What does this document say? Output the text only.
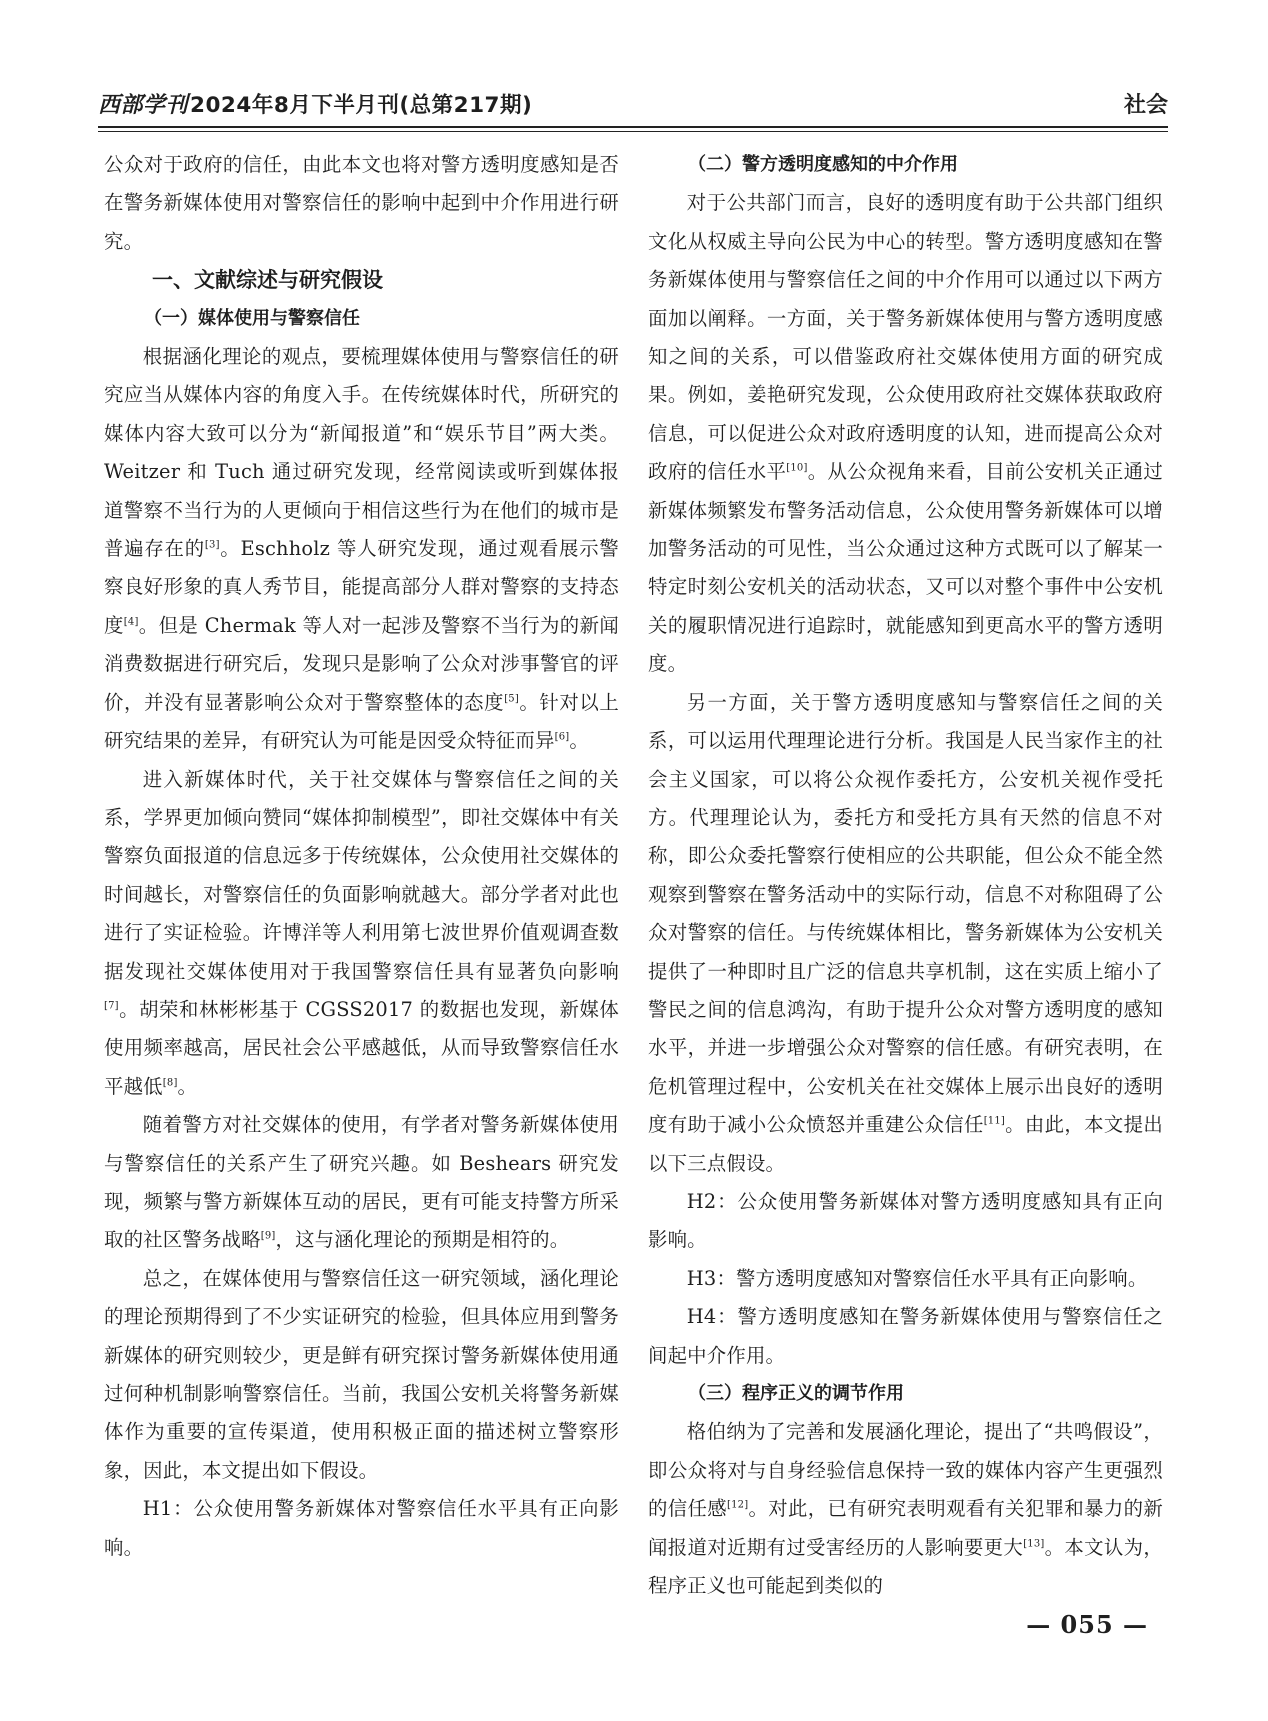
西部学刊2024年8月下半月刊(总第217期)	社会

公众对于政府的信任，由此本文也将对警方透明度感知是否在警务新媒体使用对警察信任的影响中起到中介作用进行研究。

一、文献综述与研究假设
（一）媒体使用与警察信任

根据涵化理论的观点，要梳理媒体使用与警察信任的研究应当从媒体内容的角度入手。在传统媒体时代，所研究的媒体内容大致可以分为“新闻报道”和“娱乐节目”两大类。Weitzer 和 Tuch 通过研究发现，经常阅读或听到媒体报道警察不当行为的人更倾向于相信这些行为在他们的城市是普遍存在的[3]。Eschholz 等人研究发现，通过观看展示警察良好形象的真人秀节目，能提高部分人群对警察的支持态度[4]。但是 Chermak 等人对一起涉及警察不当行为的新闻消费数据进行研究后，发现只是影响了公众对涉事警官的评价，并没有显著影响公众对于警察整体的态度[5]。针对以上研究结果的差异，有研究认为可能是因受众特征而异[6]。

进入新媒体时代，关于社交媒体与警察信任之间的关系，学界更加倾向赞同“媒体抑制模型”，即社交媒体中有关警察负面报道的信息远多于传统媒体，公众使用社交媒体的时间越长，对警察信任的负面影响就越大。部分学者对此也进行了实证检验。许博洋等人利用第七波世界价值观调查数据发现社交媒体使用对于我国警察信任具有显著负向影响[7]。胡荣和林彬彬基于 CGSS2017 的数据也发现，新媒体使用频率越高，居民社会公平感越低，从而导致警察信任水平越低[8]。

随着警方对社交媒体的使用，有学者对警务新媒体使用与警察信任的关系产生了研究兴趣。如 Beshears 研究发现，频繁与警方新媒体互动的居民，更有可能支持警方所采取的社区警务战略[9]，这与涵化理论的预期是相符的。

总之，在媒体使用与警察信任这一研究领域，涵化理论的理论预期得到了不少实证研究的检验，但具体应用到警务新媒体的研究则较少，更是鲜有研究探讨警务新媒体使用通过何种机制影响警察信任。当前，我国公安机关将警务新媒体作为重要的宣传渠道，使用积极正面的描述树立警察形象，因此，本文提出如下假设。

H1：公众使用警务新媒体对警察信任水平具有正向影响。

（二）警方透明度感知的中介作用

对于公共部门而言，良好的透明度有助于公共部门组织文化从权威主导向公民为中心的转型。警方透明度感知在警务新媒体使用与警察信任之间的中介作用可以通过以下两方面加以阐释。一方面，关于警务新媒体使用与警方透明度感知之间的关系，可以借鉴政府社交媒体使用方面的研究成果。例如，姜艳研究发现，公众使用政府社交媒体获取政府信息，可以促进公众对政府透明度的认知，进而提高公众对政府的信任水平[10]。从公众视角来看，目前公安机关正通过新媒体频繁发布警务活动信息，公众使用警务新媒体可以增加警务活动的可见性，当公众通过这种方式既可以了解某一特定时刻公安机关的活动状态，又可以对整个事件中公安机关的履职情况进行追踪时，就能感知到更高水平的警方透明度。

另一方面，关于警方透明度感知与警察信任之间的关系，可以运用代理理论进行分析。我国是人民当家作主的社会主义国家，可以将公众视作委托方，公安机关视作受托方。代理理论认为，委托方和受托方具有天然的信息不对称，即公众委托警察行使相应的公共职能，但公众不能全然观察到警察在警务活动中的实际行动，信息不对称阻碍了公众对警察的信任。与传统媒体相比，警务新媒体为公安机关提供了一种即时且广泛的信息共享机制，这在实质上缩小了警民之间的信息鸿沟，有助于提升公众对警方透明度的感知水平，并进一步增强公众对警察的信任感。有研究表明，在危机管理过程中，公安机关在社交媒体上展示出良好的透明度有助于减小公众愤怒并重建公众信任[11]。由此，本文提出以下三点假设。

H2：公众使用警务新媒体对警方透明度感知具有正向影响。

H3：警方透明度感知对警察信任水平具有正向影响。

H4：警方透明度感知在警务新媒体使用与警察信任之间起中介作用。

（三）程序正义的调节作用

格伯纳为了完善和发展涵化理论，提出了“共鸣假设”，即公众将对与自身经验信息保持一致的媒体内容产生更强烈的信任感[12]。对此，已有研究表明观看有关犯罪和暴力的新闻报道对近期有过受害经历的人影响要更大[13]。本文认为，程序正义也可能起到类似的

— 055 —
